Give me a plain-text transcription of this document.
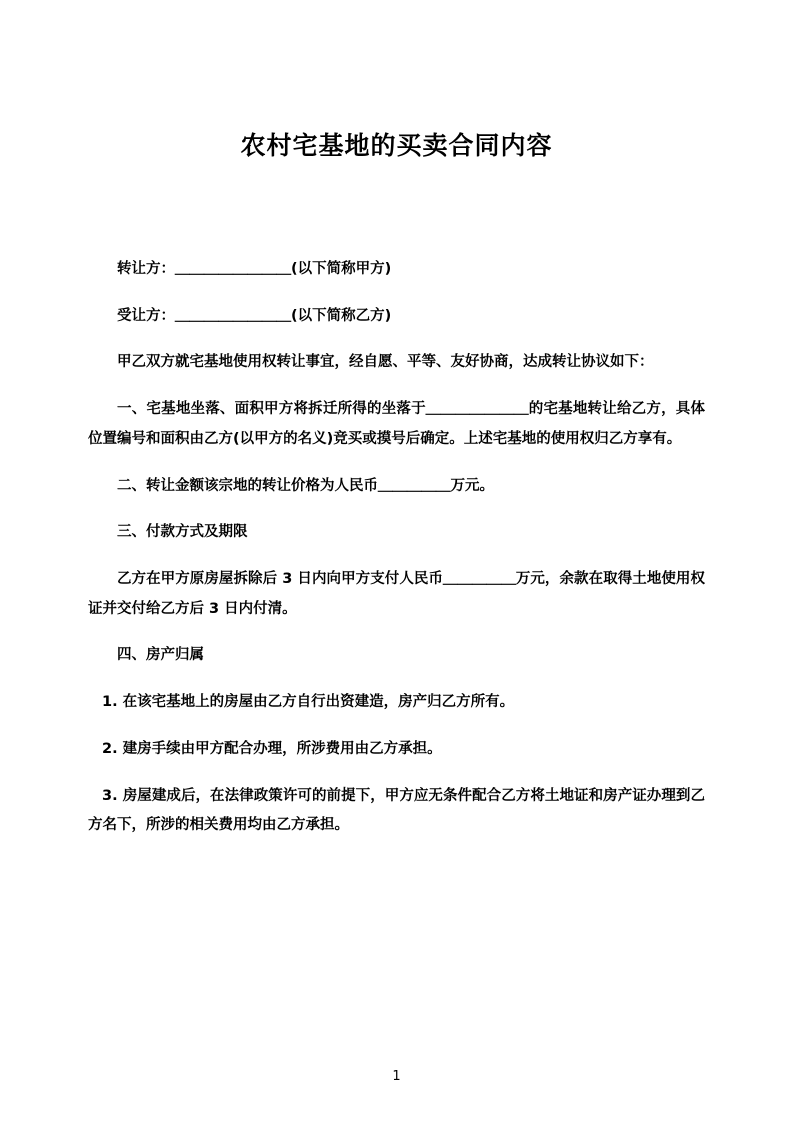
农村宅基地的买卖合同内容

转让方：＿＿＿＿＿＿＿＿(以下简称甲方)

受让方：＿＿＿＿＿＿＿＿(以下简称乙方)

甲乙双方就宅基地使用权转让事宜，经自愿、平等、友好协商，达成转让协议如下：

一、宅基地坐落、面积甲方将拆迁所得的坐落于＿＿＿＿＿＿＿的宅基地转让给乙方，具体位置编号和面积由乙方(以甲方的名义)竞买或摸号后确定。上述宅基地的使用权归乙方享有。

二、转让金额该宗地的转让价格为人民币＿＿＿＿＿万元。

三、付款方式及期限

乙方在甲方原房屋拆除后 3 日内向甲方支付人民币＿＿＿＿＿万元，余款在取得土地使用权证并交付给乙方后 3 日内付清。

四、房产归属

1. 在该宅基地上的房屋由乙方自行出资建造，房产归乙方所有。

2. 建房手续由甲方配合办理，所涉费用由乙方承担。

3. 房屋建成后，在法律政策许可的前提下，甲方应无条件配合乙方将土地证和房产证办理到乙方名下，所涉的相关费用均由乙方承担。

1
